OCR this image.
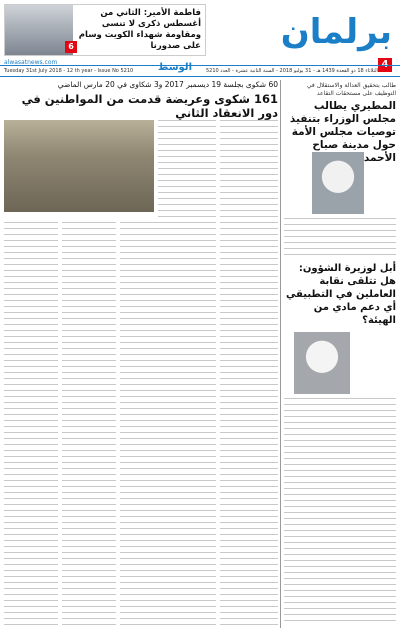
برلمان
4
فاطمة الأمير: الثاني من أغسطس ذكرى لا تنسى ومقاومة شهداء الكويت وسام على صدورنا
6
alwasatnews.com
Tuesday 31st July 2018 - 12 th year - Issue No 5210 الوسط	الثلاثاء 18 ذو القعدة 1439 هـ - 31 يوليو 2018 - السنة الثانية عشرة - العدد 5210
60 شكوى بجلسة 19 ديسمبر 2017 و3 شكاوى في 20 مارس الماضي
161 شكوى وعريضة قدمت من المواطنين في دور الانعقاد الثاني
طالب بتحقيق العدالة والاستقلال في التوظيف على مستحقات التقاعد
المطيري يطالب مجلس الوزراء بتنفيذ توصيات مجلس الأمة حول مدينة صباح الأحمد
أبل لوزيرة الشؤون: هل تتلقى نقابة العاملين في التطبيقي أي دعم مادي من الهيئة؟
